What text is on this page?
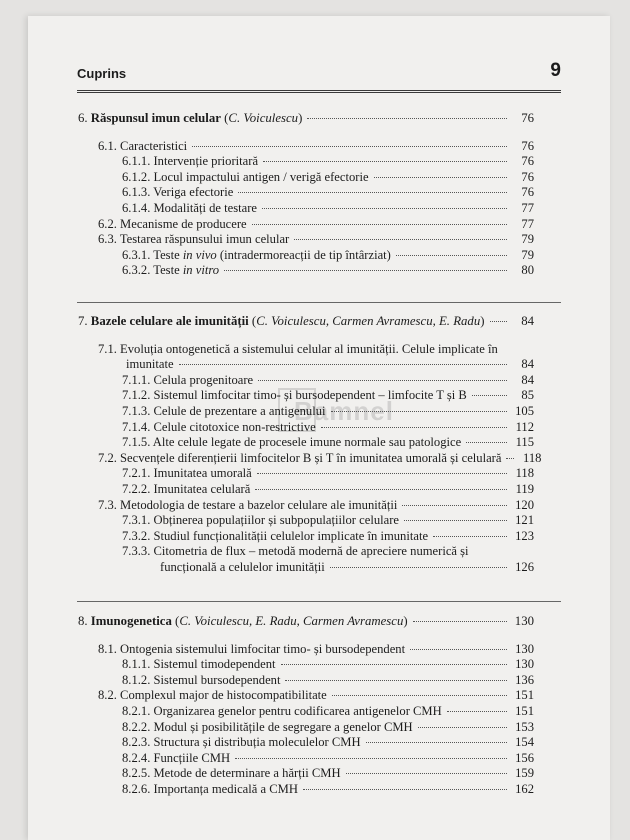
Cuprins	9
Bamnel
6. Răspunsul imun celular (C. Voiculescu)	76
6.1. Caracteristici	76
6.1.1. Intervenție prioritară	76
6.1.2. Locul impactului antigen / verigă efectorie	76
6.1.3. Veriga efectorie	76
6.1.4. Modalități de testare	77
6.2. Mecanisme de producere	77
6.3. Testarea răspunsului imun celular	79
6.3.1. Teste in vivo (intradermoreacții de tip întârziat)	79
6.3.2. Teste in vitro	80
7. Bazele celulare ale imunității (C. Voiculescu, Carmen Avramescu, E. Radu)	84
7.1. Evoluția ontogenetică a sistemului celular al imunității. Celule implicate în
imunitate	84
7.1.1. Celula progenitoare	84
7.1.2. Sistemul limfocitar timo- și bursodependent – limfocite T și B	85
7.1.3. Celule de prezentare a antigenului	105
7.1.4. Celule citotoxice non-restrictive	112
7.1.5. Alte celule legate de procesele imune normale sau patologice	115
7.2. Secvențele diferențierii limfocitelor B și T în imunitatea umorală și celulară 118
7.2.1. Imunitatea umorală	118
7.2.2. Imunitatea celulară	119
7.3. Metodologia de testare a bazelor celulare ale imunității	120
7.3.1. Obținerea populațiilor și subpopulațiilor celulare	121
7.3.2. Studiul funcționalității celulelor implicate în imunitate	123
7.3.3. Citometria de flux – metodă modernă de apreciere numerică și
funcțională a celulelor imunității	126
8. Imunogenetica (C. Voiculescu, E. Radu, Carmen Avramescu)	130
8.1. Ontogenia sistemului limfocitar timo- și bursodependent	130
8.1.1. Sistemul timodependent	130
8.1.2. Sistemul bursodependent	136
8.2. Complexul major de histocompatibilitate	151
8.2.1. Organizarea genelor pentru codificarea antigenelor CMH	151
8.2.2. Modul și posibilitățile de segregare a genelor CMH	153
8.2.3. Structura și distribuția moleculelor CMH	154
8.2.4. Funcțiile CMH	156
8.2.5. Metode de determinare a hărții CMH	159
8.2.6. Importanța medicală a CMH	162
